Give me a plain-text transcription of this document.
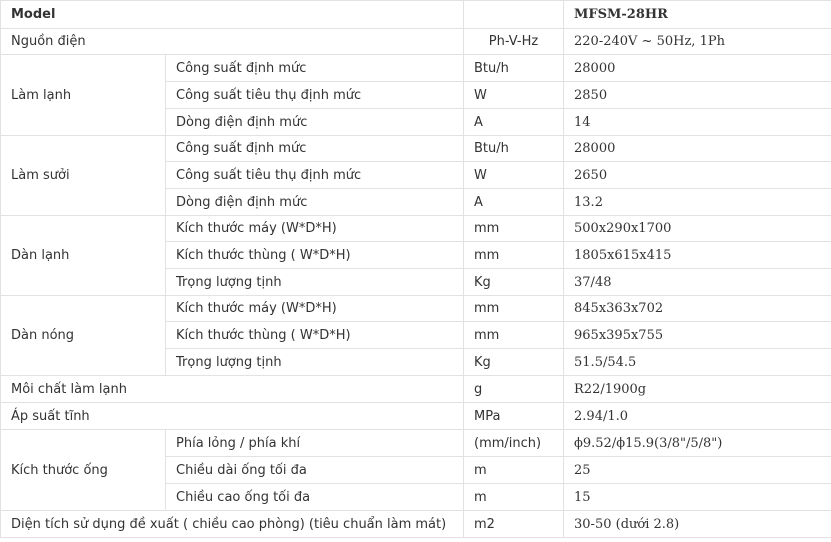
Model			MFSM-28HR
Nguồn điện		Ph-V-Hz	220-240V ~ 50Hz, 1Ph
Làm lạnh	Công suất định mức	Btu/h	28000
	Công suất tiêu thụ định mức	W	2850
	Dòng điện định mức	A	14
Làm sưởi	Công suất định mức	Btu/h	28000
	Công suất tiêu thụ định mức	W	2650
	Dòng điện định mức	A	13.2
Dàn lạnh	Kích thước máy (W*D*H)	mm	500x290x1700
	Kích thước thùng ( W*D*H)	mm	1805x615x415
	Trọng lượng tịnh	Kg	37/48
Dàn nóng	Kích thước máy (W*D*H)	mm	845x363x702
	Kích thước thùng ( W*D*H)	mm	965x395x755
	Trọng lượng tịnh	Kg	51.5/54.5
Môi chất làm lạnh		g	R22/1900g
Áp suất tĩnh		MPa	2.94/1.0
Kích thước ống	Phía lỏng / phía khí	(mm/inch)	ϕ9.52/ϕ15.9(3/8"/5/8")
	Chiều dài ống tối đa	m	25
	Chiều cao ống tối đa	m	15
Diện tích sử dụng đề xuất ( chiều cao phòng) (tiêu chuẩn làm mát)		m2	30-50 (dưới 2.8)
